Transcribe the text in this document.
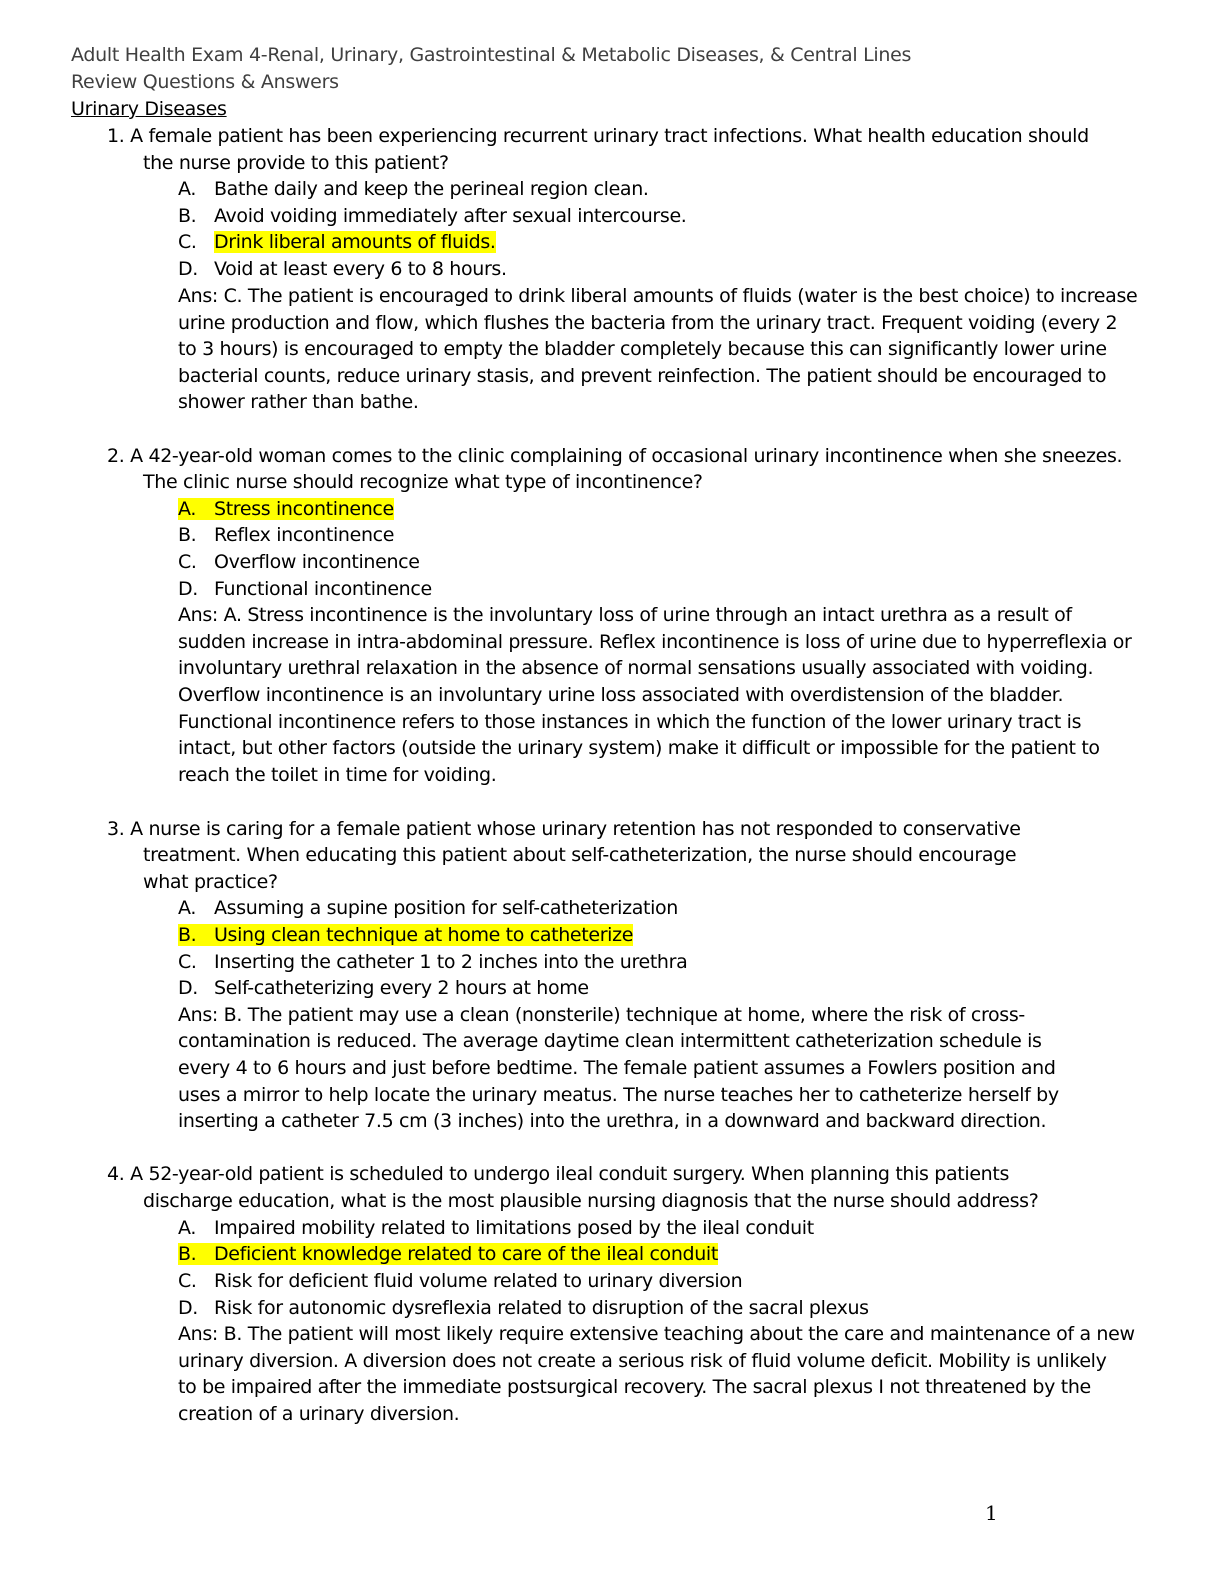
Adult Health Exam 4-Renal, Urinary, Gastrointestinal & Metabolic Diseases, & Central Lines
Review Questions & Answers
Urinary Diseases
1. A female patient has been experiencing recurrent urinary tract infections. What health education should
the nurse provide to this patient?
A. Bathe daily and keep the perineal region clean.
B. Avoid voiding immediately after sexual intercourse.
C. Drink liberal amounts of fluids.
D. Void at least every 6 to 8 hours.
Ans: C. The patient is encouraged to drink liberal amounts of fluids (water is the best choice) to increase
urine production and flow, which flushes the bacteria from the urinary tract. Frequent voiding (every 2
to 3 hours) is encouraged to empty the bladder completely because this can significantly lower urine
bacterial counts, reduce urinary stasis, and prevent reinfection. The patient should be encouraged to
shower rather than bathe.
2. A 42-year-old woman comes to the clinic complaining of occasional urinary incontinence when she sneezes.
The clinic nurse should recognize what type of incontinence?
A. Stress incontinence
B. Reflex incontinence
C. Overflow incontinence
D. Functional incontinence
Ans: A. Stress incontinence is the involuntary loss of urine through an intact urethra as a result of
sudden increase in intra-abdominal pressure. Reflex incontinence is loss of urine due to hyperreflexia or
involuntary urethral relaxation in the absence of normal sensations usually associated with voiding.
Overflow incontinence is an involuntary urine loss associated with overdistension of the bladder.
Functional incontinence refers to those instances in which the function of the lower urinary tract is
intact, but other factors (outside the urinary system) make it difficult or impossible for the patient to
reach the toilet in time for voiding.
3. A nurse is caring for a female patient whose urinary retention has not responded to conservative
treatment. When educating this patient about self-catheterization, the nurse should encourage
what practice?
A. Assuming a supine position for self-catheterization
B. Using clean technique at home to catheterize
C. Inserting the catheter 1 to 2 inches into the urethra
D. Self-catheterizing every 2 hours at home
Ans: B. The patient may use a clean (nonsterile) technique at home, where the risk of cross-
contamination is reduced. The average daytime clean intermittent catheterization schedule is
every 4 to 6 hours and just before bedtime. The female patient assumes a Fowlers position and
uses a mirror to help locate the urinary meatus. The nurse teaches her to catheterize herself by
inserting a catheter 7.5 cm (3 inches) into the urethra, in a downward and backward direction.
4. A 52-year-old patient is scheduled to undergo ileal conduit surgery. When planning this patients
discharge education, what is the most plausible nursing diagnosis that the nurse should address?
A. Impaired mobility related to limitations posed by the ileal conduit
B. Deficient knowledge related to care of the ileal conduit
C. Risk for deficient fluid volume related to urinary diversion
D. Risk for autonomic dysreflexia related to disruption of the sacral plexus
Ans: B. The patient will most likely require extensive teaching about the care and maintenance of a new
urinary diversion. A diversion does not create a serious risk of fluid volume deficit. Mobility is unlikely
to be impaired after the immediate postsurgical recovery. The sacral plexus I not threatened by the
creation of a urinary diversion.
1
